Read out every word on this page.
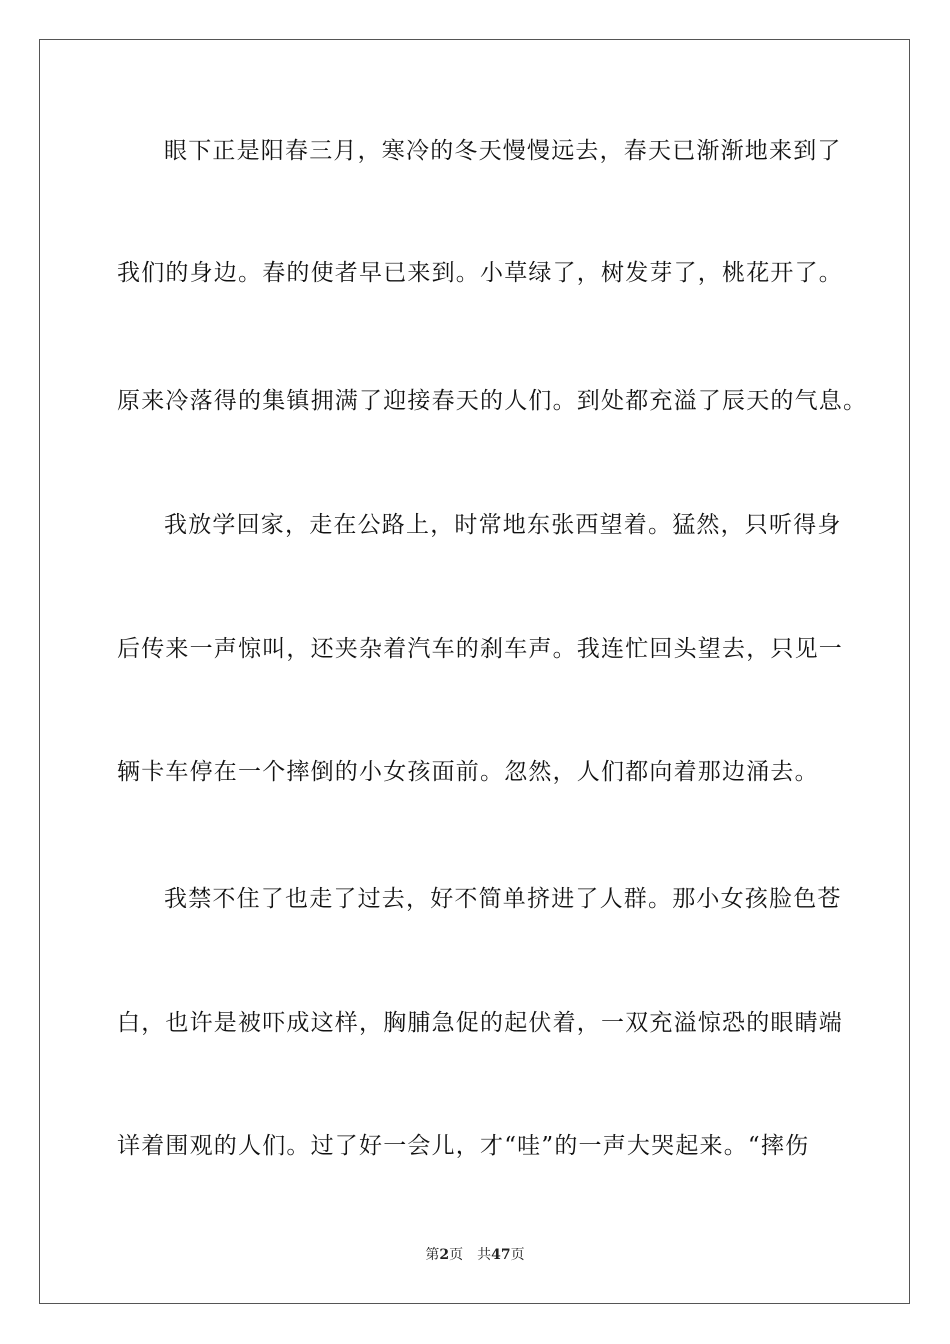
眼下正是阳春三月，寒冷的冬天慢慢远去，春天已渐渐地来到了
我们的身边。春的使者早已来到。小草绿了，树发芽了，桃花开了。
原来冷落得的集镇拥满了迎接春天的人们。到处都充溢了辰天的气息。
我放学回家，走在公路上，时常地东张西望着。猛然，只听得身
后传来一声惊叫，还夹杂着汽车的刹车声。我连忙回头望去，只见一
辆卡车停在一个摔倒的小女孩面前。忽然，人们都向着那边涌去。
我禁不住了也走了过去，好不简单挤进了人群。那小女孩脸色苍
白，也许是被吓成这样，胸脯急促的起伏着，一双充溢惊恐的眼睛端
详着围观的人们。过了好一会儿，才“哇”的一声大哭起来。“摔伤
第2页 共47页
